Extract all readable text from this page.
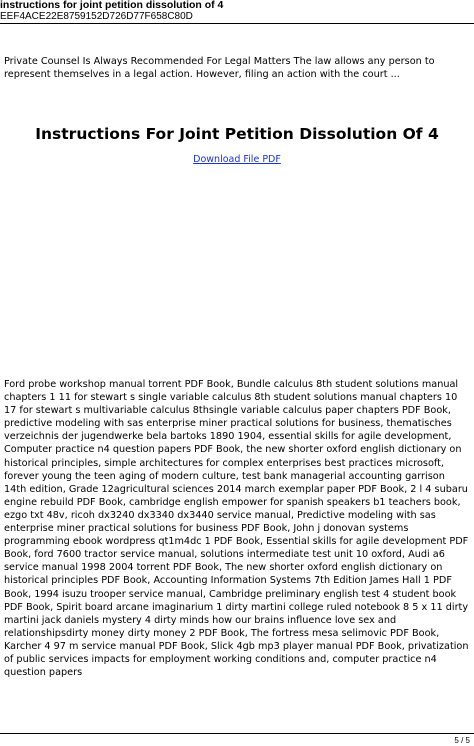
instructions for joint petition dissolution of 4
EEF4ACE22E8759152D726D77F658C80D
Private Counsel Is Always Recommended For Legal Matters The law allows any person to represent themselves in a legal action. However, filing an action with the court ...
Instructions For Joint Petition Dissolution Of 4
Download File PDF
Ford probe workshop manual torrent PDF Book, Bundle calculus 8th student solutions manual chapters 1 11 for stewart s single variable calculus 8th student solutions manual chapters 10 17 for stewart s multivariable calculus 8thsingle variable calculus paper chapters PDF Book, predictive modeling with sas enterprise miner practical solutions for business, thematisches verzeichnis der jugendwerke bela bartoks 1890 1904, essential skills for agile development, Computer practice n4 question papers PDF Book, the new shorter oxford english dictionary on historical principles, simple architectures for complex enterprises best practices microsoft, forever young the teen aging of modern culture, test bank managerial accounting garrison 14th edition, Grade 12agricultural sciences 2014 march exemplar paper PDF Book, 2 l 4 subaru engine rebuild PDF Book, cambridge english empower for spanish speakers b1 teachers book, ezgo txt 48v, ricoh dx3240 dx3340 dx3440 service manual, Predictive modeling with sas enterprise miner practical solutions for business PDF Book, John j donovan systems programming ebook wordpress qt1m4dc 1 PDF Book, Essential skills for agile development PDF Book, ford 7600 tractor service manual, solutions intermediate test unit 10 oxford, Audi a6 service manual 1998 2004 torrent PDF Book, The new shorter oxford english dictionary on historical principles PDF Book, Accounting Information Systems 7th Edition James Hall 1 PDF Book, 1994 isuzu trooper service manual, Cambridge preliminary english test 4 student book PDF Book, Spirit board arcane imaginarium 1 dirty martini college ruled notebook 8 5 x 11 dirty martini jack daniels mystery 4 dirty minds how our brains influence love sex and relationshipsdirty money dirty money 2 PDF Book, The fortress mesa selimovic PDF Book, Karcher 4 97 m service manual PDF Book, Slick 4gb mp3 player manual PDF Book, privatization of public services impacts for employment working conditions and, computer practice n4 question papers
5 / 5
